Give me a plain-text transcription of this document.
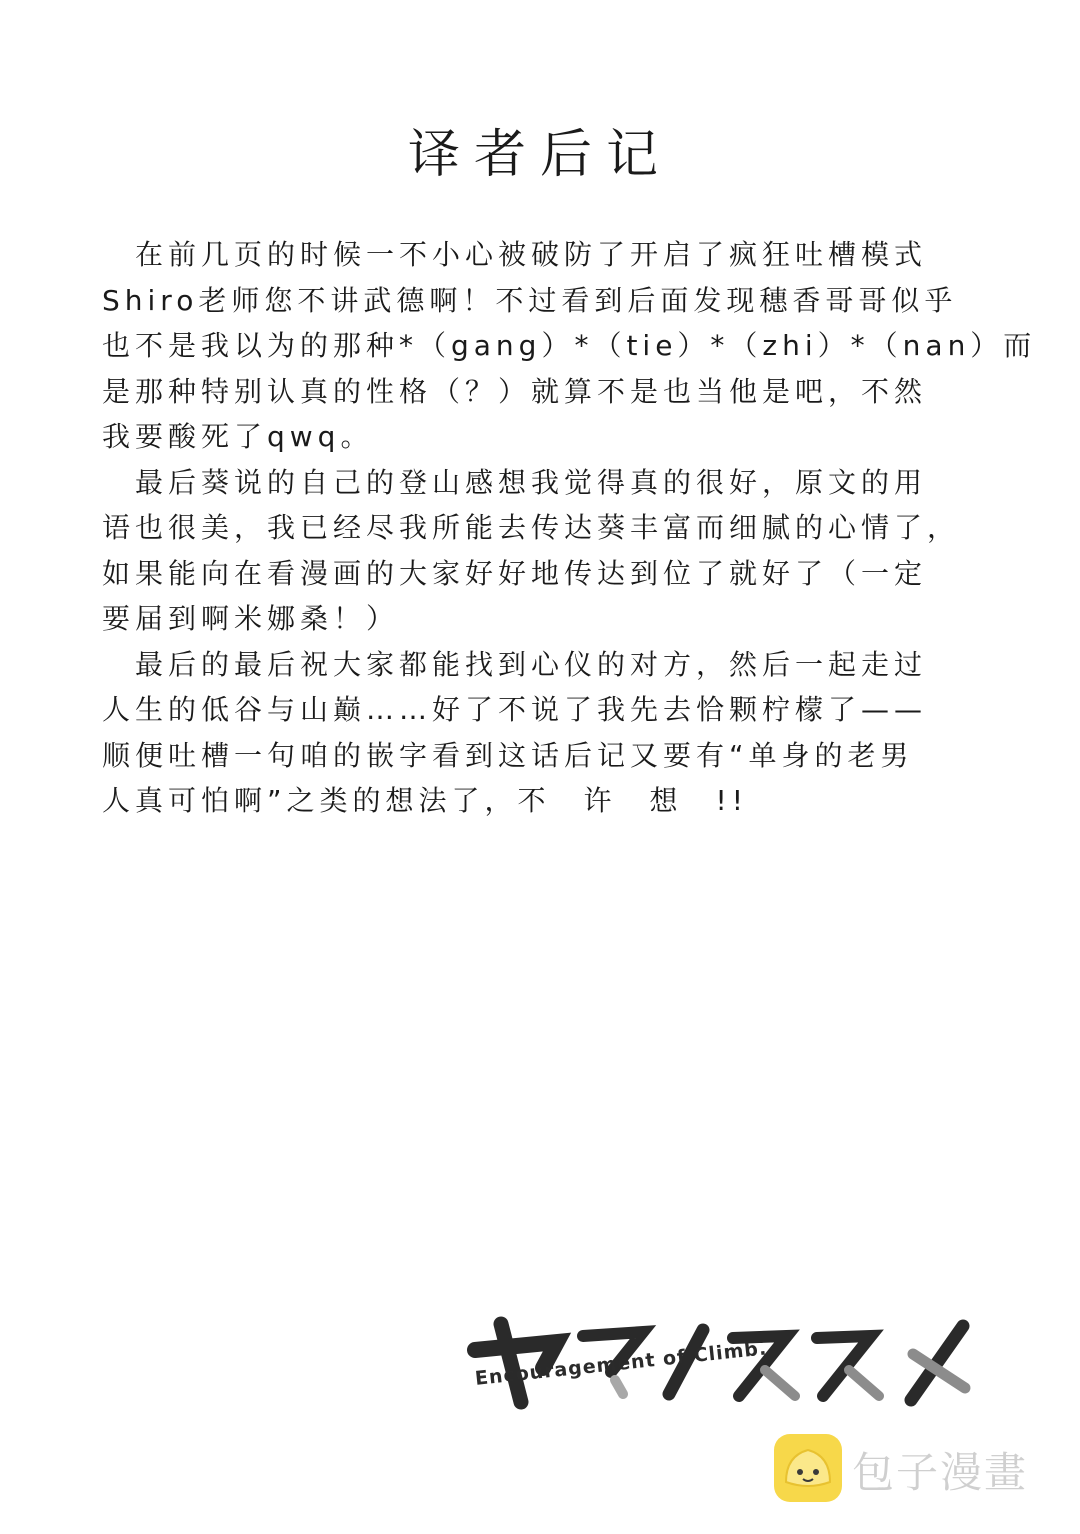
译者后记
　在前几页的时候一不小心被破防了开启了疯狂吐槽模式
Shiro老师您不讲武德啊！不过看到后面发现穗香哥哥似乎
也不是我以为的那种*（gang）*（tie）*（zhi）*（nan）而
是那种特别认真的性格（？）就算不是也当他是吧，不然
我要酸死了qwq。
　最后葵说的自己的登山感想我觉得真的很好，原文的用
语也很美，我已经尽我所能去传达葵丰富而细腻的心情了，
如果能向在看漫画的大家好好地传达到位了就好了（一定
要届到啊米娜桑！）
　最后的最后祝大家都能找到心仪的对方，然后一起走过
人生的低谷与山巅……好了不说了我先去恰颗柠檬了——
顺便吐槽一句咱的嵌字看到这话后记又要有“单身的老男
人真可怕啊”之类的想法了，不　许　想　!!
Encouragement of Climb.
包子漫畫
